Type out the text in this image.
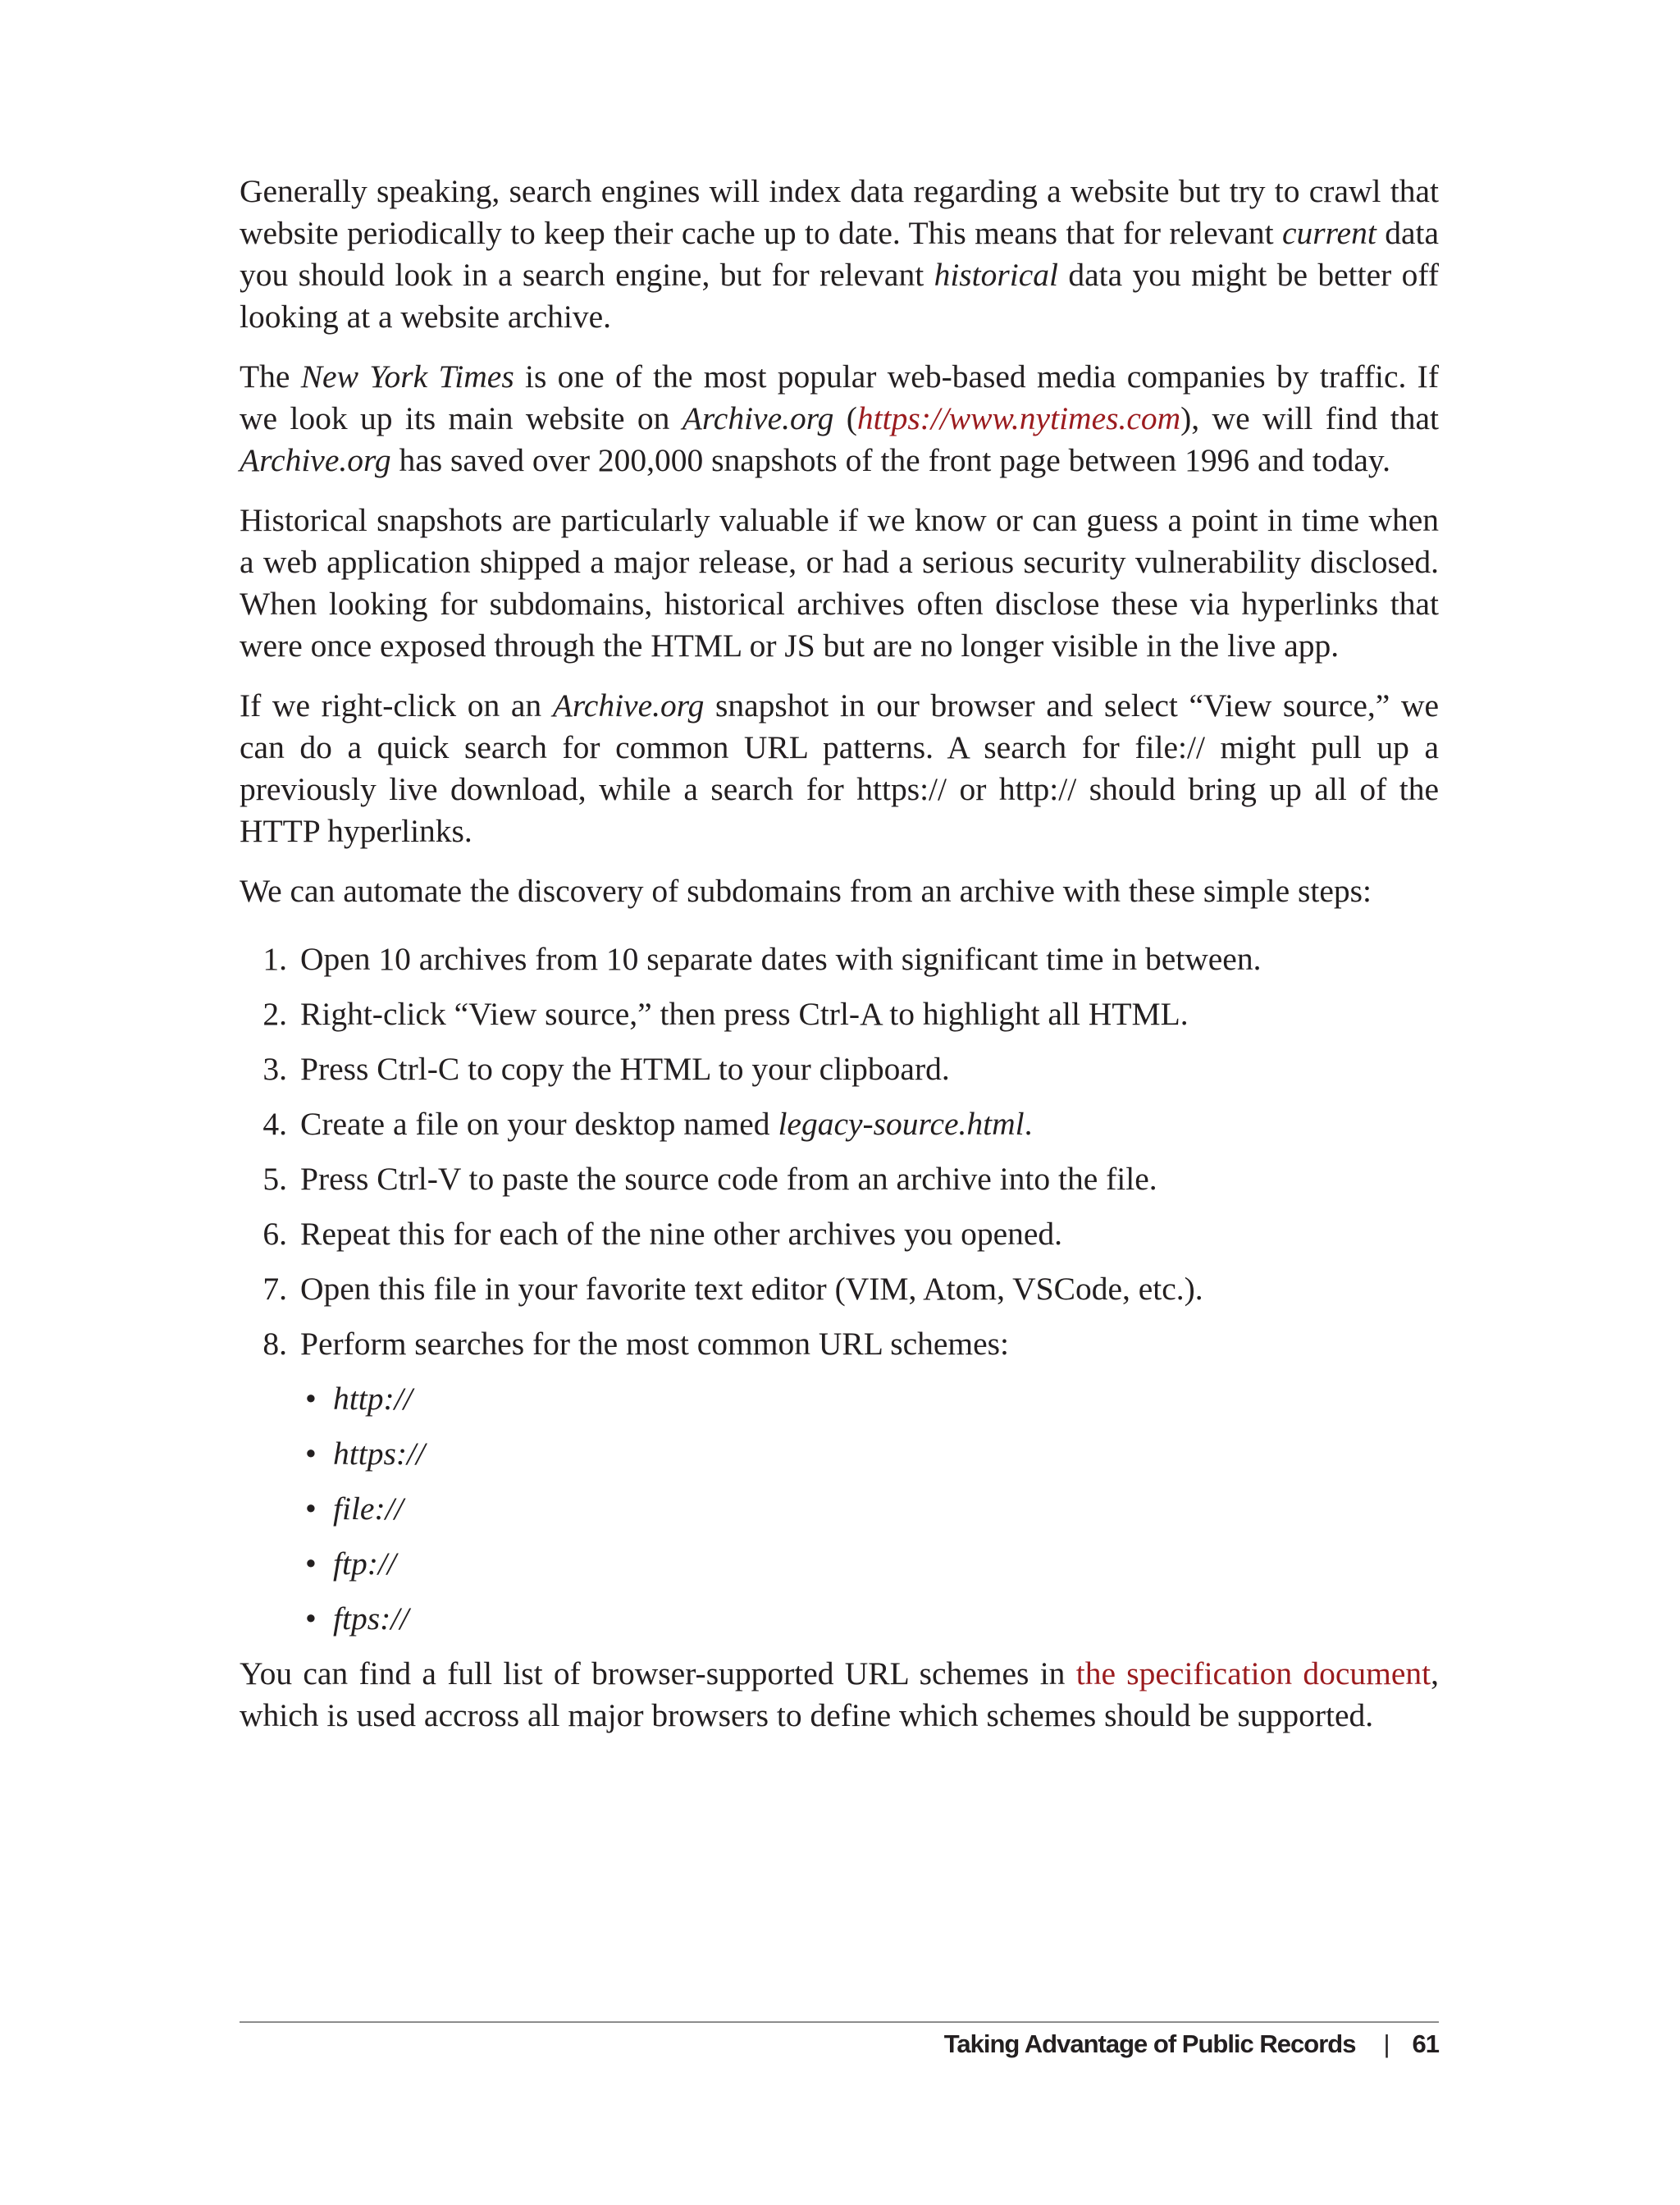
Generally speaking, search engines will index data regarding a website but try to crawl that website periodically to keep their cache up to date. This means that for relevant current data you should look in a search engine, but for relevant historical data you might be better off looking at a website archive.

The New York Times is one of the most popular web-based media companies by traffic. If we look up its main website on Archive.org (https://www.nytimes.com), we will find that Archive.org has saved over 200,000 snapshots of the front page between 1996 and today.

Historical snapshots are particularly valuable if we know or can guess a point in time when a web application shipped a major release, or had a serious security vulnerability disclosed. When looking for subdomains, historical archives often disclose these via hyperlinks that were once exposed through the HTML or JS but are no longer visible in the live app.

If we right-click on an Archive.org snapshot in our browser and select “View source,” we can do a quick search for common URL patterns. A search for file:// might pull up a previously live download, while a search for https:// or http:// should bring up all of the HTTP hyperlinks.

We can automate the discovery of subdomains from an archive with these simple steps:

1. Open 10 archives from 10 separate dates with significant time in between.
2. Right-click “View source,” then press Ctrl-A to highlight all HTML.
3. Press Ctrl-C to copy the HTML to your clipboard.
4. Create a file on your desktop named legacy-source.html.
5. Press Ctrl-V to paste the source code from an archive into the file.
6. Repeat this for each of the nine other archives you opened.
7. Open this file in your favorite text editor (VIM, Atom, VSCode, etc.).
8. Perform searches for the most common URL schemes:
• http://
• https://
• file://
• ftp://
• ftps://

You can find a full list of browser-supported URL schemes in the specification document, which is used accross all major browsers to define which schemes should be supported.

Taking Advantage of Public Records | 61
